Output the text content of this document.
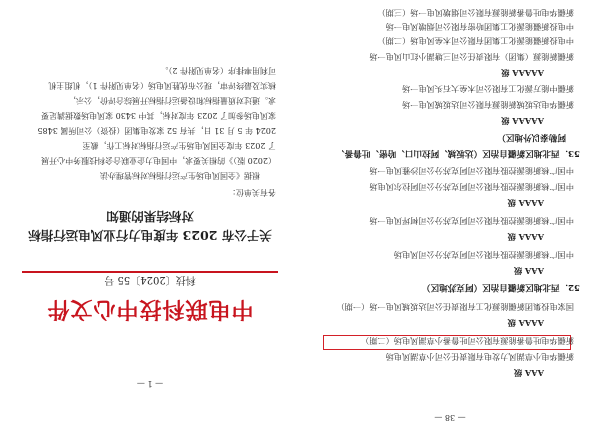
AAA 级
新疆华电小草湖风力发电有限责任公司小草湖风电场
新疆华电吐鲁番能源有限公司吐鲁番小草湖风电场（二期）
AAAA 级
国家电投集团新疆能源化工有限责任公司达坂城风电一场（一期）
52．西北地区新疆自治区（阿克苏地区）
AAA 级
中国广核新能源控股有限公司阿克苏分公司风电场
AAAA 级
中国广核新能源控股有限公司阿克苏分公司柯坪风电一场
AAAA 级
中国广核新能源控股有限公司阿克苏分公司阿拉尔风电场
中国广核新能源控股有限公司阿克苏分公司沙雅风电一场
53．西北地区新疆自治区（达坂城、阿拉山口、哈密、吐鲁番、
阿勒泰以外地区）
AAAAA 级
新疆华电达坂城新能源有限公司达坂城风电一场
新疆中能万源化工有限公司木垒大石头风电一场
AAAAA 级
新疆新能源（集团）有限责任公司三塘湖小红山风电一场
中电投新疆能源化工集团有限公司木垒风电场（二期）
中电投新疆能源化工集团哈密有限公司烟墩风电一场
新疆华电吐鲁番新能源有限公司烟墩风电一场（三期）
— 38 —
中电联科技中心文件
科技〔2024〕55 号
关于公布 2023 年度电力行业风电运行指标
对标结果的通知
各有关单位：
根据《全国风电场生产运行指标对标管理办法
（2020 版）》的相关要求，中国电力企业联合会科技服务中心开展
了 2023 年度全国风电场生产运行指标对标工作，截至
2024 年 5 月 31 日，共有 52 家发电集团（投资）公司所属 3485
家风电场参加了 2023 年度对标，其中 3430 家风电场数据满足要
求。通过对质量指标和设备运行指标开展综合评价，公示，
核实及最终评审，现公布优胜风电场（名单见附件 1），机组主机
可利用率排序（名单见附件 2）。
— 1 —
